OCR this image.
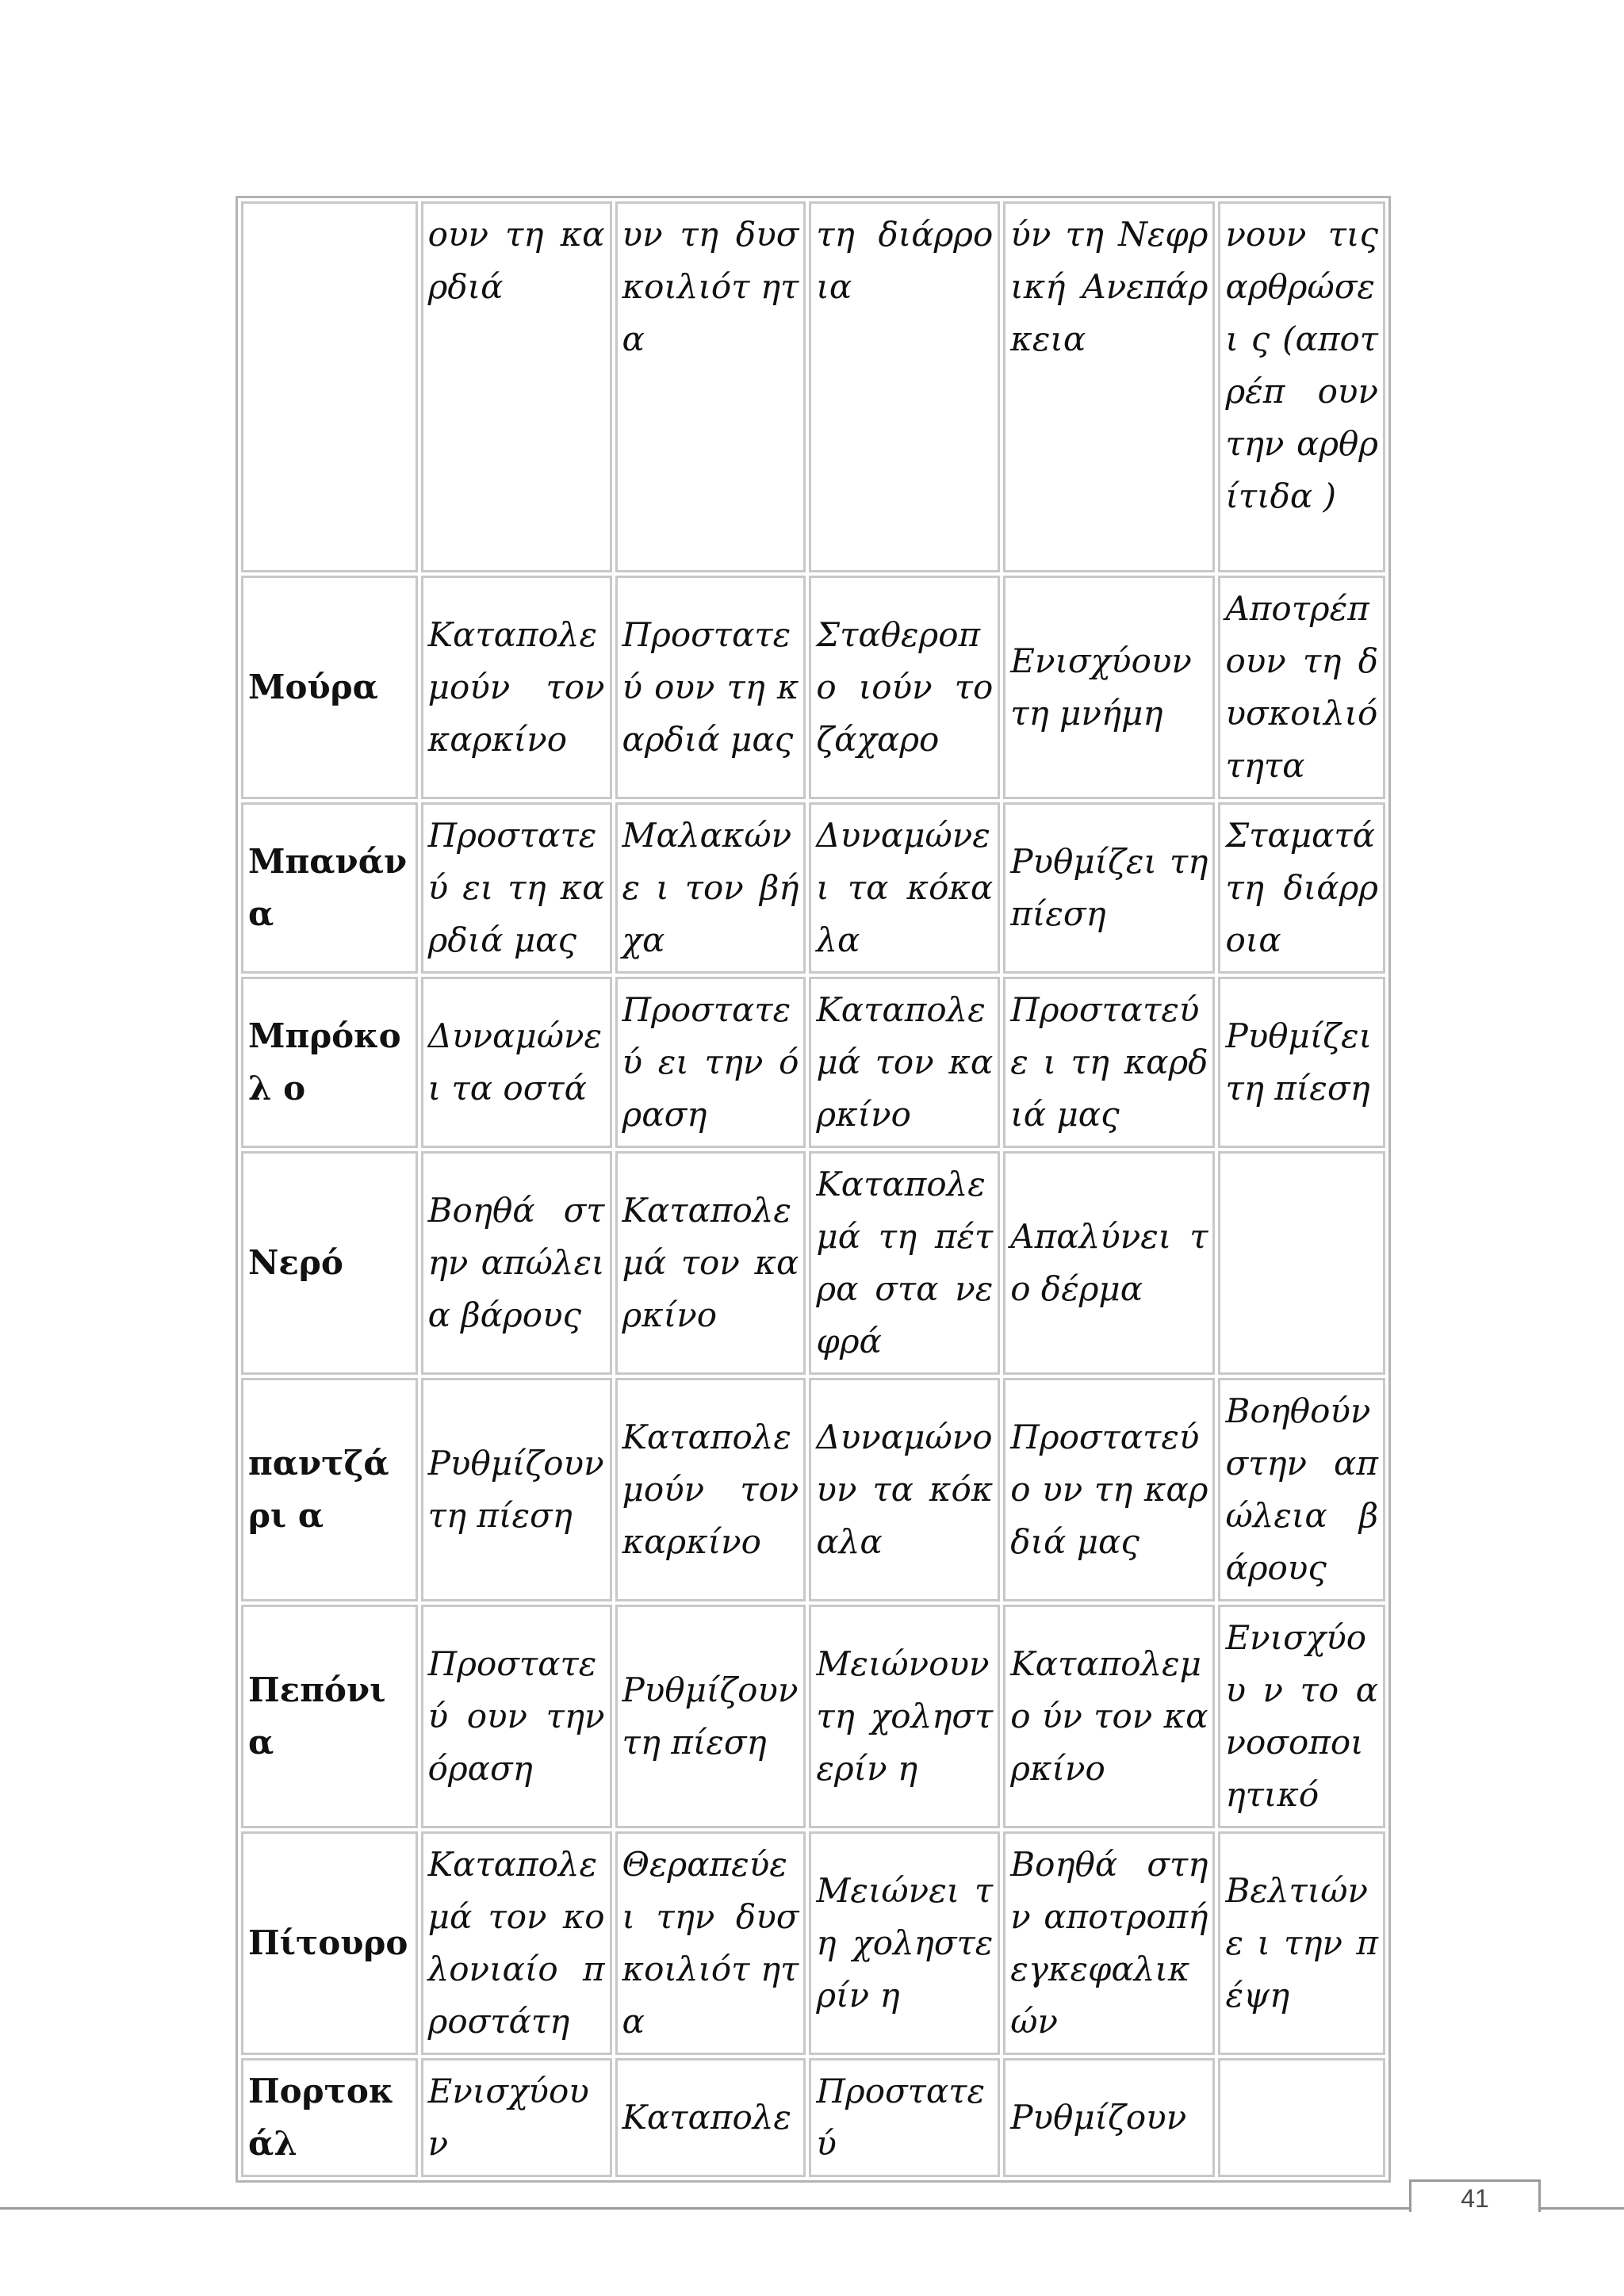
	ουν τη καρδιά	υν τη δυσκοιλιότ ητα	τη διάρροια	ύν τη Νεφρική Ανεπάρκεια	νουν τις αρθρώσει ς (αποτρέπ ουν την αρθρίτιδα )
Μούρα	Καταπολε μούν τον καρκίνο	Προστατεύ ουν τη καρδιά μας	Σταθεροπο ιούν το ζάχαρο	Ενισχύουν τη μνήμη	Αποτρέπ ουν τη δυσκοιλιό τητα
Μπανάνα	Προστατεύ ει τη καρδιά μας	Μαλακώνε ι τον βήχα	Δυναμώνε ι τα κόκαλα	Ρυθμίζει τη πίεση	Σταματά τη διάρροια
Μπρόκολ ο	Δυναμώνε ι τα οστά	Προστατεύ ει την όραση	Καταπολε μά τον καρκίνο	Προστατεύε ι τη καρδιά μας	Ρυθμίζει τη πίεση
Νερό	Βοηθά στην απώλεια βάρους	Καταπολε μά τον καρκίνο	Καταπολε μά τη πέτρα στα νεφρά	Απαλύνει το δέρμα	
παντζάρι α	Ρυθμίζουν τη πίεση	Καταπολε μούν τον καρκίνο	Δυναμώνο υν τα κόκαλα	Προστατεύο υν τη καρδιά μας	Βοηθούν στην απώλεια βάρους
Πεπόνια	Προστατεύ ουν την όραση	Ρυθμίζουν τη πίεση	Μειώνουν τη χοληστερίν η	Καταπολεμο ύν τον καρκίνο	Ενισχύου ν το ανοσοποι ητικό
Πίτουρο	Καταπολε μά τον κολονιαίο προστάτη	Θεραπεύει την δυσκοιλιότ ητα	Μειώνει τη χοληστερίν η	Βοηθά στην αποτροπή εγκεφαλικ ών	Βελτιώνε ι την πέψη
Πορτοκάλ	Ενισχύουν	Καταπολε	Προστατεύ	Ρυθμίζουν	
41
